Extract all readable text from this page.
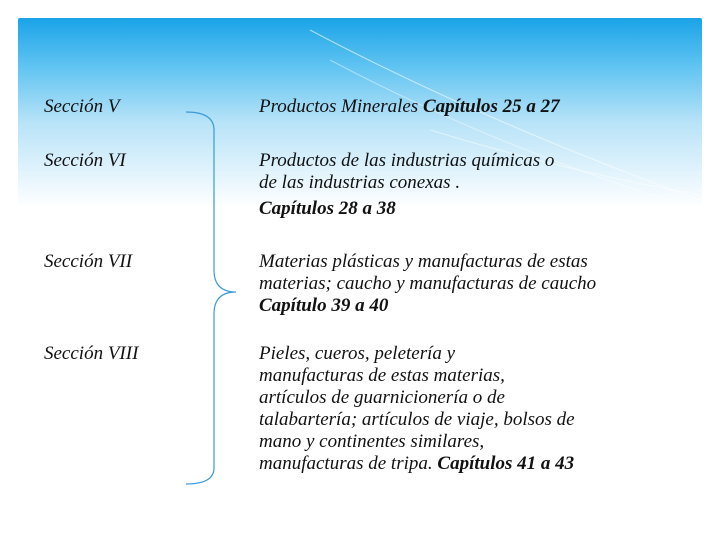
Sección V	Productos Minerales Capítulos 25 a 27
Sección VI	Productos de las industrias químicas o
de las industrias conexas .
Capítulos 28 a 38
Sección VII	Materias plásticas y manufacturas de estas
materias; caucho y manufacturas de caucho
Capítulo 39 a 40
Sección VIII	Pieles, cueros, peletería y
manufacturas de estas materias,
artículos de guarnicionería o de
talabartería; artículos de viaje, bolsos de
mano y continentes similares,
manufacturas de tripa. Capítulos 41 a 43
